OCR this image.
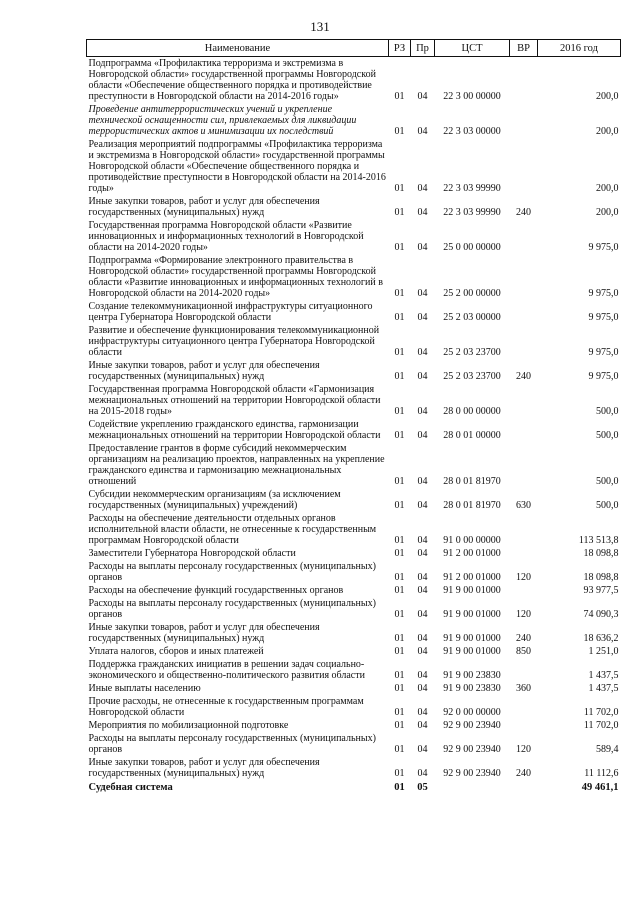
131
Наименование	РЗ	Пр	ЦСТ	ВР	2016 год
Подпрограмма «Профилактика терроризма и экстремизма в Новгородской области» государственной программы Новгородской области «Обеспечение общественного порядка и противодействие преступности в Новгородской области на 2014-2016 годы»	01	04	22 3 00 00000		200,0
Проведение антитеррористических учений и укрепление технической оснащенности сил, привлекаемых для ликвидации террористических актов и минимизации их последствий	01	04	22 3 03 00000		200,0
Реализация мероприятий подпрограммы «Профилактика терроризма и экстремизма в Новгородской области» государственной программы Новгородской области «Обеспечение общественного порядка и противодействие преступности в Новгородской области на 2014-2016 годы»	01	04	22 3 03 99990		200,0
Иные закупки товаров, работ и услуг для обеспечения государственных (муниципальных) нужд	01	04	22 3 03 99990	240	200,0
Государственная программа Новгородской области «Развитие инновационных и информационных технологий в Новгородской области на 2014-2020 годы»	01	04	25 0 00 00000		9 975,0
Подпрограмма «Формирование электронного правительства в Новгородской области» государственной программы Новгородской области «Развитие инновационных и информационных технологий в Новгородской области на 2014-2020 годы»	01	04	25 2 00 00000		9 975,0
Создание телекоммуникационной инфраструктуры ситуационного центра Губернатора Новгородской области	01	04	25 2 03 00000		9 975,0
Развитие и обеспечение функционирования телекоммуникационной инфраструктуры ситуационного центра Губернатора Новгородской области	01	04	25 2 03 23700		9 975,0
Иные закупки товаров, работ и услуг для обеспечения государственных (муниципальных) нужд	01	04	25 2 03 23700	240	9 975,0
Государственная программа Новгородской области «Гармонизация межнациональных отношений на территории Новгородской области на 2015-2018 годы»	01	04	28 0 00 00000		500,0
Содействие укреплению гражданского единства, гармонизации межнациональных отношений на территории Новгородской области	01	04	28 0 01 00000		500,0
Предоставление грантов в форме субсидий некоммерческим организациям на реализацию проектов, направленных на укрепление гражданского единства и гармонизацию межнациональных отношений	01	04	28 0 01 81970		500,0
Субсидии некоммерческим организациям (за исключением государственных (муниципальных) учреждений)	01	04	28 0 01 81970	630	500,0
Расходы на обеспечение деятельности отдельных органов исполнительной власти области, не отнесенные к государственным программам Новгородской области	01	04	91 0 00 00000		113 513,8
Заместители Губернатора Новгородской области	01	04	91 2 00 01000		18 098,8
Расходы на выплаты персоналу государственных (муниципальных) органов	01	04	91 2 00 01000	120	18 098,8
Расходы на обеспечение функций государственных органов	01	04	91 9 00 01000		93 977,5
Расходы на выплаты персоналу государственных (муниципальных) органов	01	04	91 9 00 01000	120	74 090,3
Иные закупки товаров, работ и услуг для обеспечения государственных (муниципальных) нужд	01	04	91 9 00 01000	240	18 636,2
Уплата налогов, сборов и иных платежей	01	04	91 9 00 01000	850	1 251,0
Поддержка гражданских инициатив в решении задач социально-экономического и общественно-политического развития области	01	04	91 9 00 23830		1 437,5
Иные выплаты населению	01	04	91 9 00 23830	360	1 437,5
Прочие расходы, не отнесенные к государственным программам Новгородской области	01	04	92 0 00 00000		11 702,0
Мероприятия по мобилизационной подготовке	01	04	92 9 00 23940		11 702,0
Расходы на выплаты персоналу государственных (муниципальных) органов	01	04	92 9 00 23940	120	589,4
Иные закупки товаров, работ и услуг для обеспечения государственных (муниципальных) нужд	01	04	92 9 00 23940	240	11 112,6
Судебная система	01	05			49 461,1
